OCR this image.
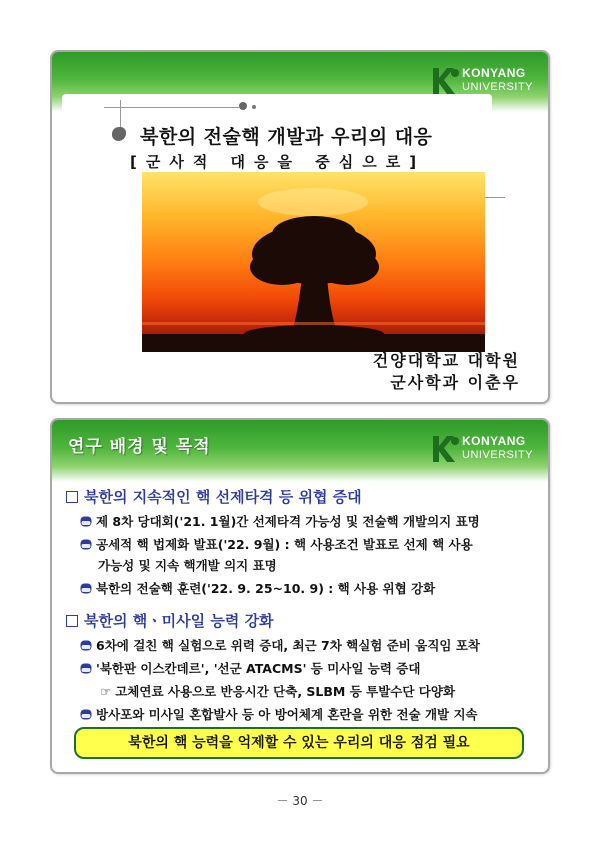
KONYANG
UNIVERSITY
북한의 전술핵 개발과 우리의 대응
[군사적 대응을 중심으로]
건양대학교 대학원
군사학과 이춘우
연구 배경 및 목적	KONYANG
UNIVERSITY
북한의 지속적인 핵 선제타격 등 위협 증대
제 8차 당대회('21. 1월)간 선제타격 가능성 및 전술핵 개발의지 표명
공세적 핵 법제화 발표('22. 9월) : 핵 사용조건 발표로 선제 핵 사용
가능성 및 지속 핵개발 의지 표명
북한의 전술핵 훈련('22. 9. 25~10. 9) : 핵 사용 위협 강화
북한의 핵ㆍ미사일 능력 강화
6차에 걸친 핵 실험으로 위력 증대, 최근 7차 핵실험 준비 움직임 포착
'북한판 이스칸데르', '선군 ATACMS' 등 미사일 능력 증대
☞ 고체연료 사용으로 반응시간 단축, SLBM 등 투발수단 다양화
방사포와 미사일 혼합발사 등 아 방어체계 혼란을 위한 전술 개발 지속
북한의 핵 능력을 억제할 수 있는 우리의 대응 점검 필요
－ 30 －
